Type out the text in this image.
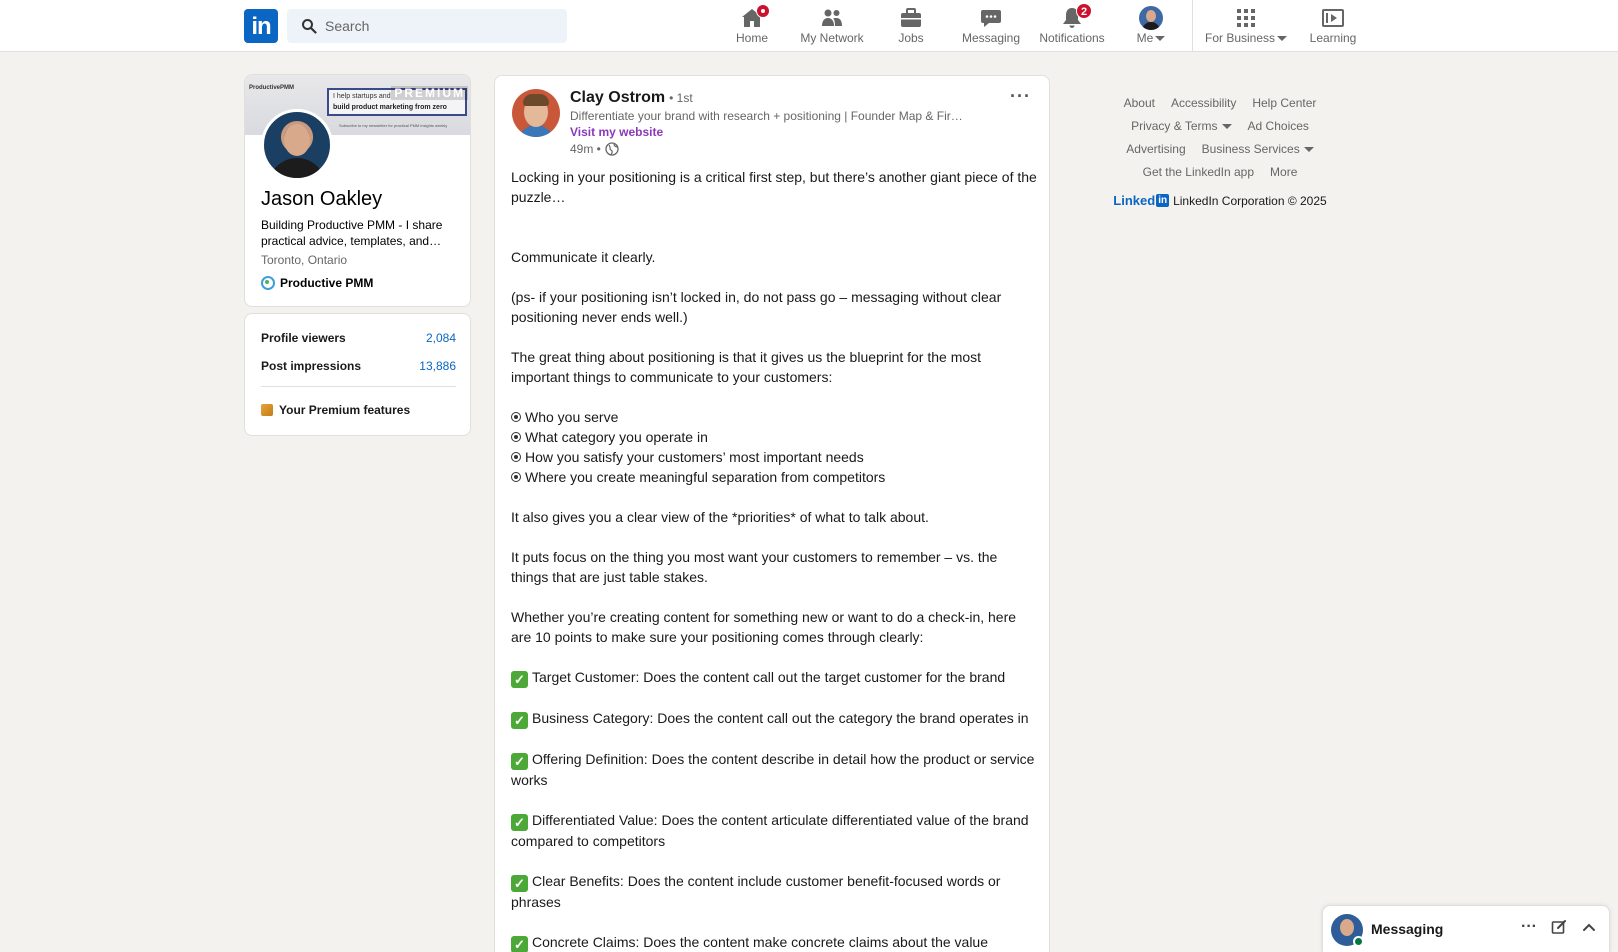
in
Search	Home	My Network	Jobs	Messaging
2
Notifications	Me	For Business	Learning
ProductivePMM
I help startups and
build product marketing from zero
Subscribe to my newsletter for practical PMM insights weekly
PREMIUM
Jason Oakley
Building Productive PMM - I share practical advice, templates, and…
Toronto, Ontario
Productive PMM
Profile viewers	2,084
Post impressions	13,886
Your Premium features
Clay Ostrom • 1st
Differentiate your brand with research + positioning | Founder Map & Fir…
Visit my website
49m •
···

Locking in your positioning is a critical first step, but there’s another giant piece of the puzzle…

Communicate it clearly.

(ps- if your positioning isn’t locked in, do not pass go – messaging without clear positioning never ends well.)

The great thing about positioning is that it gives us the blueprint for the most important things to communicate to your customers:

Who you serve
What category you operate in
How you satisfy your customers’ most important needs
Where you create meaningful separation from competitors

It also gives you a clear view of the *priorities* of what to talk about.

It puts focus on the thing you most want your customers to remember – vs. the things that are just table stakes.

Whether you’re creating content for something new or want to do a check-in, here are 10 points to make sure your positioning comes through clearly:

✓ Target Customer: Does the content call out the target customer for the brand

✓ Business Category: Does the content call out the category the brand operates in

✓ Offering Definition: Does the content describe in detail how the product or service works

✓ Differentiated Value: Does the content articulate differentiated value of the brand compared to competitors

✓ Clear Benefits: Does the content include customer benefit-focused words or phrases

✓ Concrete Claims: Does the content make concrete claims about the value

About Accessibility Help Center
Privacy & Terms	Ad Choices
Advertising Business Services
Get the LinkedIn app More
Linked in LinkedIn Corporation © 2025
Messaging	···
